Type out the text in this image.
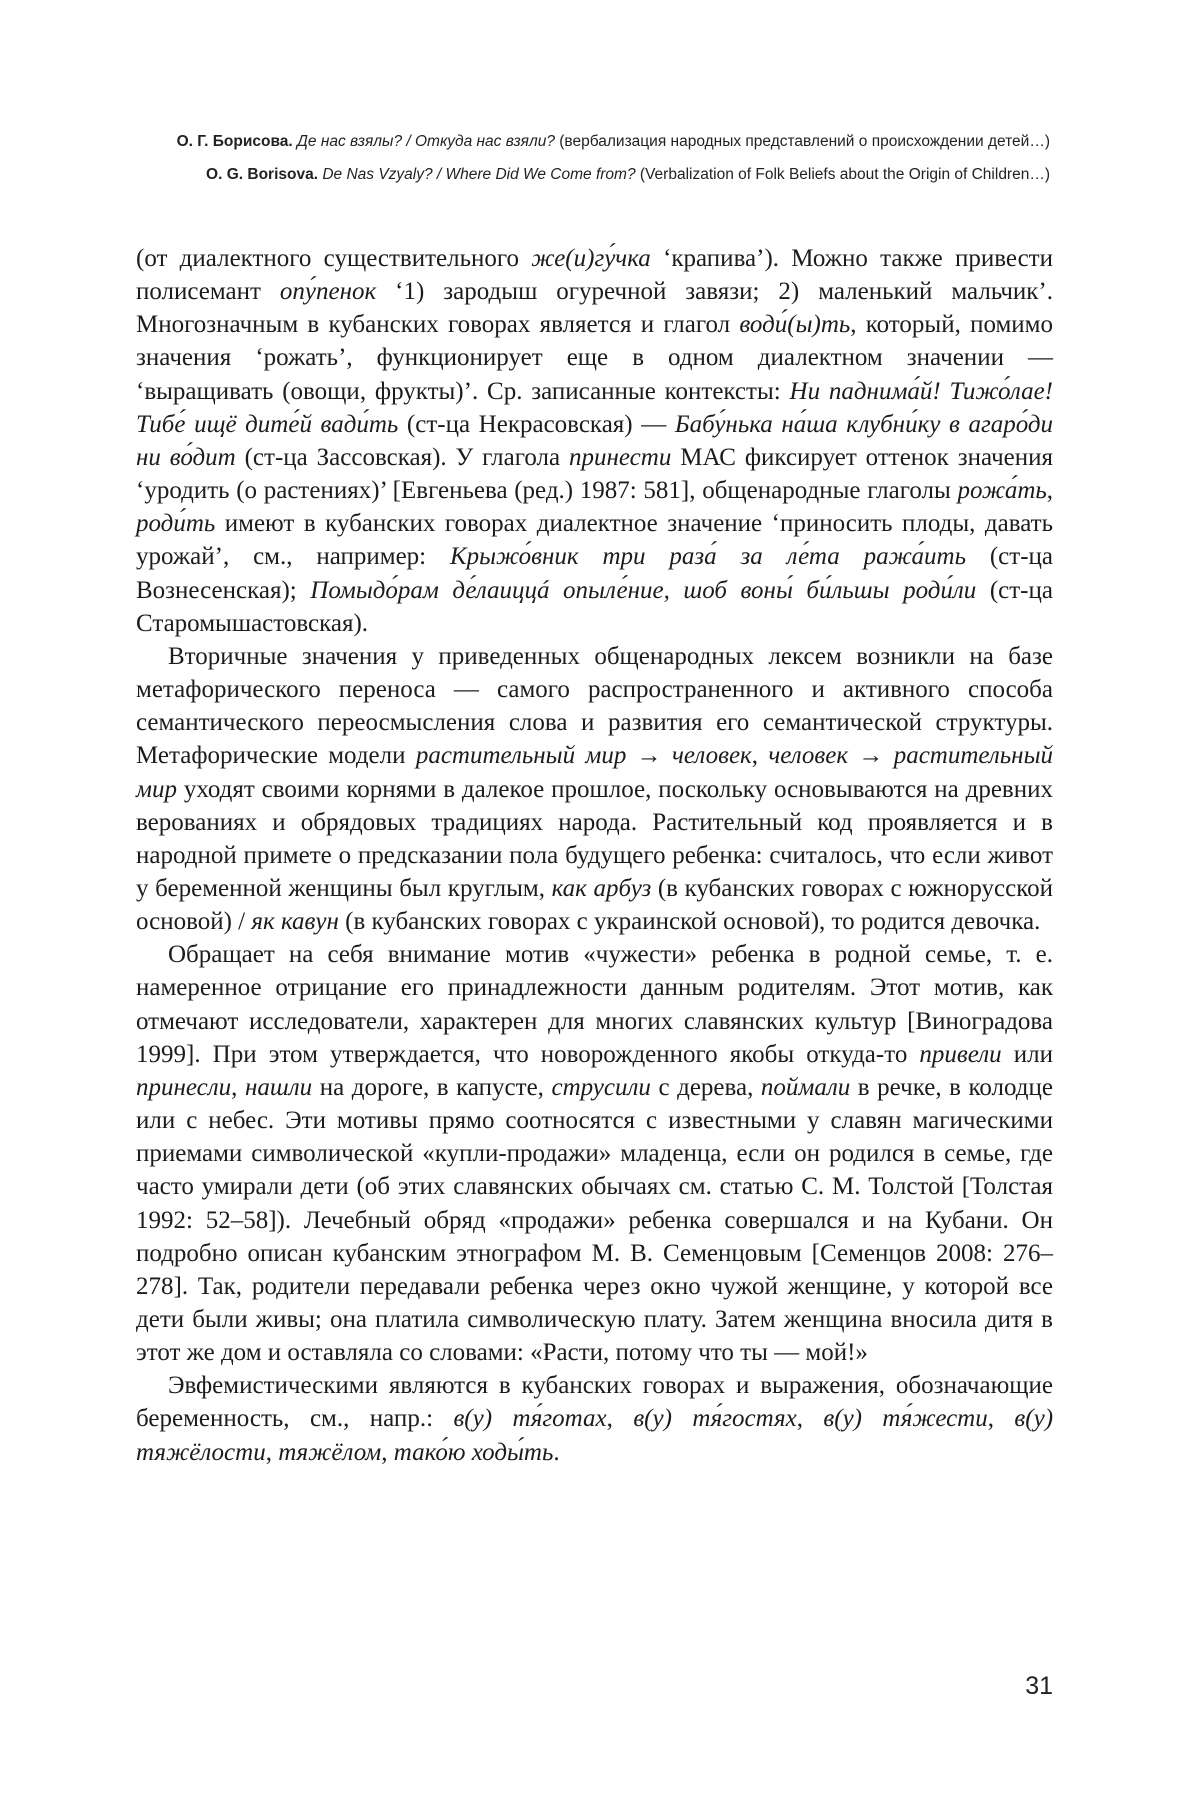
О. Г. Борисова. Де нас взялы? / Откуда нас взяли? (вербализация народных представлений о происхождении детей…)
O. G. Borisova. De Nas Vzyaly? / Where Did We Come from? (Verbalization of Folk Beliefs about the Origin of Children…)

(от диалектного существительного же(и)гу́чка ‘крапива’). Можно также привести полисемант опу́пенок ‘1) зародыш огуречной завязи; 2) маленький мальчик’. Многозначным в кубанских говорах является и глагол води́(ы)ть, который, помимо значения ‘рожать’, функционирует еще в одном диалектном значении — ‘выращивать (овощи, фрукты)’. Ср. записанные контексты: Ни паднима́й! Тижо́лае! Тибе́ ищё дите́й вади́ть (ст-ца Некрасовская) — Бабу́нька на́ша клубни́ку в агаро́ди ни во́дит (ст-ца Засcовская). У глагола принести МАС фиксирует оттенок значения ‘уродить (о растениях)’ [Евгеньева (ред.) 1987: 581], общенародные глаголы рожа́ть, роди́ть имеют в кубанских говорах диалектное значение ‘приносить плоды, давать урожай’, см., например: Крыжо́вник три раза́ за ле́та ража́ить (ст-ца Вознесенская); Помыдо́рам де́лаиццá опыле́ние, шоб воны́ би́льшы роди́ли (ст-ца Старомышастовская).

Вторичные значения у приведенных общенародных лексем возникли на базе метафорического переноса — самого распространенного и активного способа семантического переосмысления слова и развития его семантической структуры. Метафорические модели растительный мир → человек, человек → растительный мир уходят своими корнями в далекое прошлое, поскольку основываются на древних верованиях и обрядовых традициях народа. Растительный код проявляется и в народной примете о предсказании пола будущего ребенка: считалось, что если живот у беременной женщины был круглым, как арбуз (в кубанских говорах с южнорусской основой) / як кавун (в кубанских говорах с украинской основой), то родится девочка.

Обращает на себя внимание мотив «чужести» ребенка в родной семье, т. е. намеренное отрицание его принадлежности данным родителям. Этот мотив, как отмечают исследователи, характерен для многих славянских культур [Виноградова 1999]. При этом утверждается, что новорожденного якобы откуда-то привели или принесли, нашли на дороге, в капусте, струсили с дерева, поймали в речке, в колодце или с небес. Эти мотивы прямо соотносятся с известными у славян магическими приемами символической «купли-продажи» младенца, если он родился в семье, где часто умирали дети (об этих славянских обычаях см. статью С. М. Толстой [Толстая 1992: 52–58]). Лечебный обряд «продажи» ребенка совершался и на Кубани. Он подробно описан кубанским этнографом М. В. Семенцовым [Семенцов 2008: 276–278]. Так, родители передавали ребенка через окно чужой женщине, у которой все дети были живы; она платила символическую плату. Затем женщина вносила дитя в этот же дом и оставляла со словами: «Расти, потому что ты — мой!»

Эвфемистическими являются в кубанских говорах и выражения, обозначающие беременность, см., напр.: в(у) тя́готах, в(у) тя́гостях, в(у) тя́жести, в(у) тяжёлости, тяжёлом, тако́ю ходы́ть.

31
